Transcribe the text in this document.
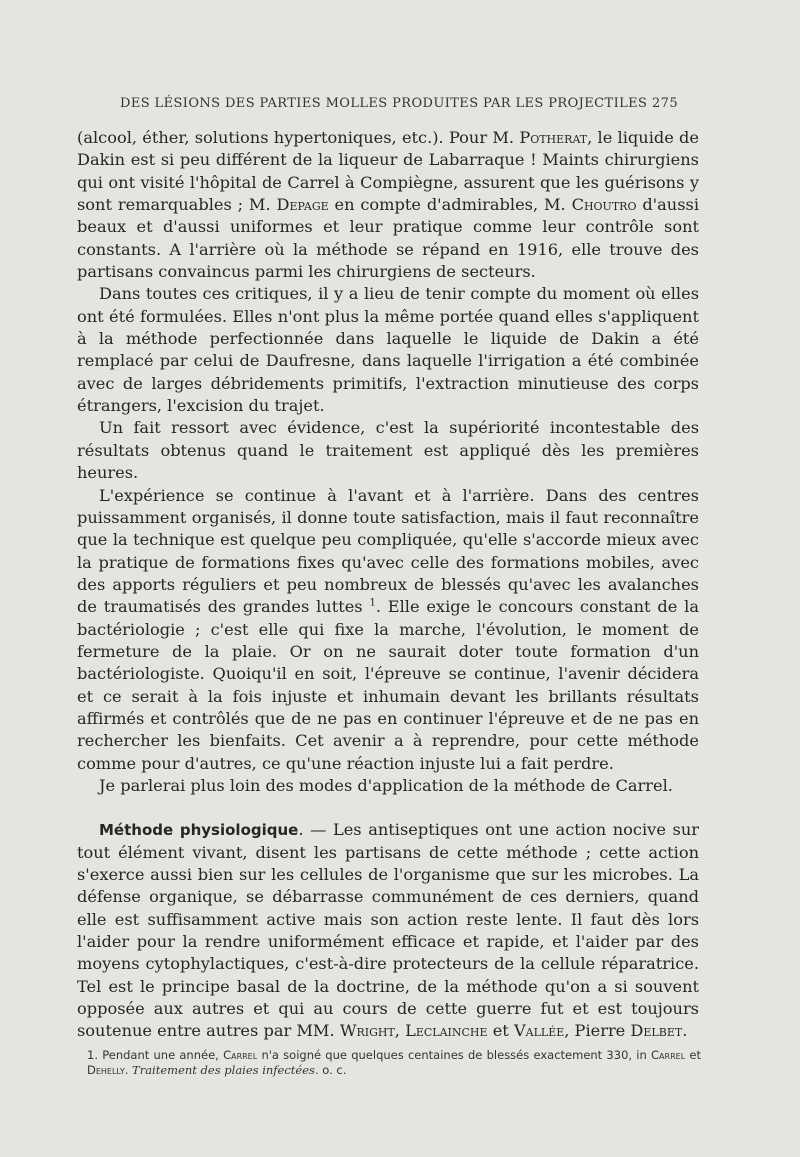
DES LÉSIONS DES PARTIES MOLLES PRODUITES PAR LES PROJECTILES 275

(alcool, éther, solutions hypertoniques, etc.). Pour M. Potherat, le liquide de Dakin est si peu différent de la liqueur de Labarraque ! Maints chirurgiens qui ont visité l'hôpital de Carrel à Compiègne, assurent que les guérisons y sont remarquables ; M. Depage en compte d'admirables, M. Choutro d'aussi beaux et d'aussi uniformes et leur pratique comme leur contrôle sont constants. A l'arrière où la méthode se répand en 1916, elle trouve des partisans convaincus parmi les chirurgiens de secteurs.

Dans toutes ces critiques, il y a lieu de tenir compte du moment où elles ont été formulées. Elles n'ont plus la même portée quand elles s'appliquent à la méthode perfectionnée dans laquelle le liquide de Dakin a été remplacé par celui de Daufresne, dans laquelle l'irrigation a été combinée avec de larges débridements primitifs, l'extraction minutieuse des corps étrangers, l'excision du trajet.

Un fait ressort avec évidence, c'est la supériorité incontestable des résultats obtenus quand le traitement est appliqué dès les premières heures.

L'expérience se continue à l'avant et à l'arrière. Dans des centres puissamment organisés, il donne toute satisfaction, mais il faut reconnaître que la technique est quelque peu compliquée, qu'elle s'accorde mieux avec la pratique de formations fixes qu'avec celle des formations mobiles, avec des apports réguliers et peu nombreux de blessés qu'avec les avalanches de traumatisés des grandes luttes $^1$. Elle exige le concours constant de la bactériologie ; c'est elle qui fixe la marche, l'évolution, le moment de fermeture de la plaie. Or on ne saurait doter toute formation d'un bactériologiste. Quoiqu'il en soit, l'épreuve se continue, l'avenir décidera et ce serait à la fois injuste et inhumain devant les brillants résultats affirmés et contrôlés que de ne pas en continuer l'épreuve et de ne pas en rechercher les bienfaits. Cet avenir a à reprendre, pour cette méthode comme pour d'autres, ce qu'une réaction injuste lui a fait perdre.

Je parlerai plus loin des modes d'application de la méthode de Carrel.

Méthode physiologique. — Les antiseptiques ont une action nocive sur tout élément vivant, disent les partisans de cette méthode ; cette action s'exerce aussi bien sur les cellules de l'organisme que sur les microbes. La défense organique, se débarrasse communément de ces derniers, quand elle est suffisamment active mais son action reste lente. Il faut dès lors l'aider pour la rendre uniformément efficace et rapide, et l'aider par des moyens cytophylactiques, c'est-à-dire protecteurs de la cellule réparatrice. Tel est le principe basal de la doctrine, de la méthode qu'on a si souvent opposée aux autres et qui au cours de cette guerre fut et est toujours soutenue entre autres par MM. Wright, Leclainche et Vallée, Pierre Delbet.

1. Pendant une année, Carrel n'a soigné que quelques centaines de blessés exactement 330, in Carrel et Dehelly. Traitement des plaies infectées. o. c.
